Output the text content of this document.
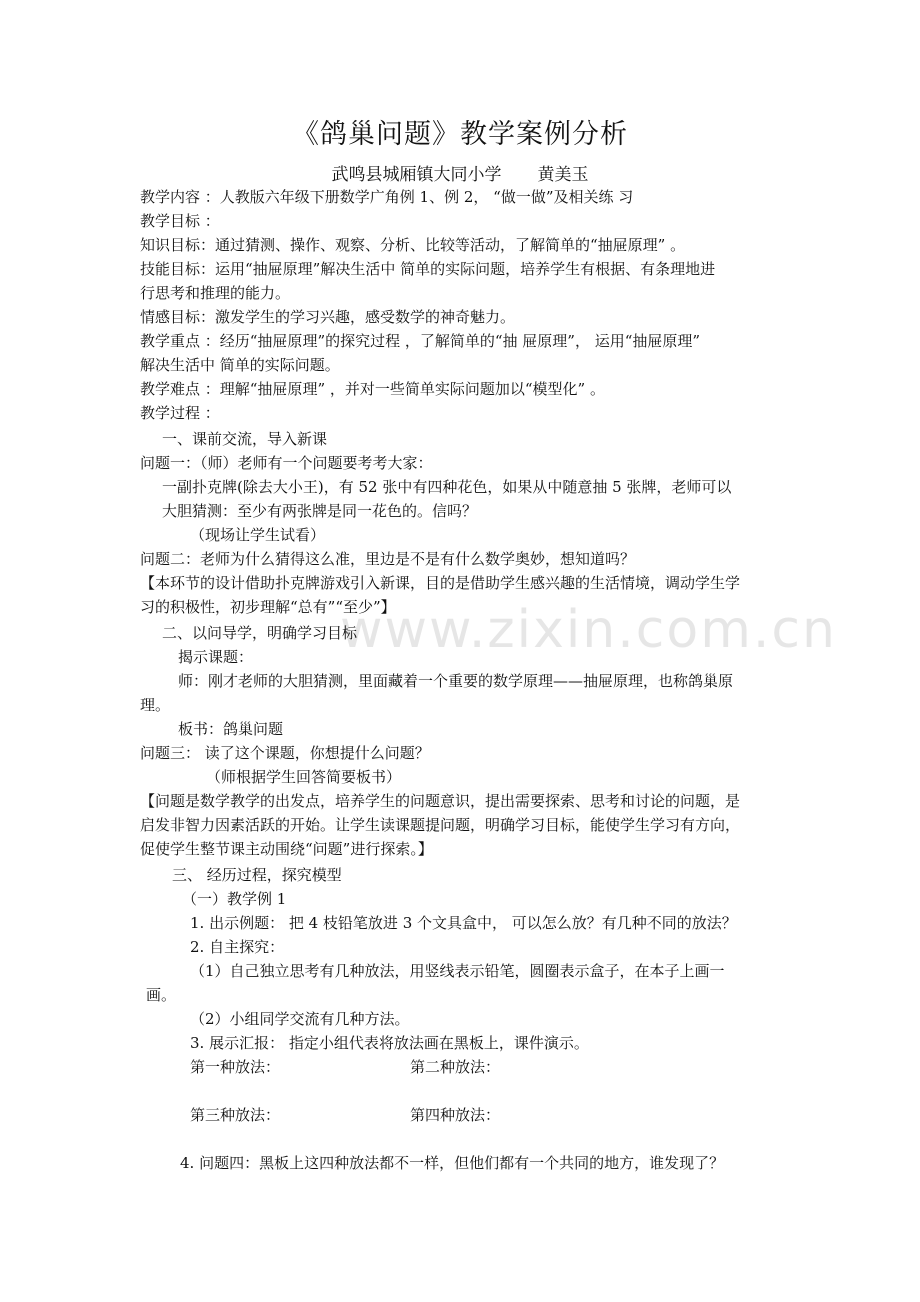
www.zixin.com.cn
《鸽巢问题》教学案例分析
武鸣县城厢镇大同小学 黄美玉
教学内容 ：人教版六年级下册数学广角例 1、例 2， “做一做”及相关练 习
教学目标 ：
知识目标：通过猜测、操作、观察、分析、比较等活动，了解简单的“抽屉原理” 。
技能目标：运用“抽屉原理”解决生活中 简单的实际问题，培养学生有根据、有条理地进
行思考和推理的能力。
情感目标：激发学生的学习兴趣，感受数学的神奇魅力。
教学重点 ：经历“抽屉原理”的探究过程 ，了解简单的“抽 屉原理”， 运用“抽屉原理”
解决生活中 简单的实际问题。
教学难点 ：理解“抽屉原理” ，并对一些简单实际问题加以“模型化” 。
教学过程 ：
一、课前交流，导入新课
问题一：（师）老师有一个问题要考考大家：
一副扑克牌(除去大小王)，有 52 张中有四种花色，如果从中随意抽 5 张牌，老师可以
大胆猜测：至少有两张牌是同一花色的。信吗？
（现场让学生试看）
问题二：老师为什么猜得这么准，里边是不是有什么数学奥妙，想知道吗？
【本环节的设计借助扑克牌游戏引入新课，目的是借助学生感兴趣的生活情境，调动学生学
习的积极性，初步理解“总有”“至少”】
二、以问导学，明确学习目标
揭示课题：
师：刚才老师的大胆猜测，里面藏着一个重要的数学原理——抽屉原理，也称鸽巢原
理。
板书：鸽巢问题
问题三： 读了这个课题，你想提什么问题？
（师根据学生回答简要板书）
【问题是数学教学的出发点，培养学生的问题意识，提出需要探索、思考和讨论的问题，是
启发非智力因素活跃的开始。让学生读课题提问题，明确学习目标，能使学生学习有方向，
促使学生整节课主动围绕“问题”进行探索。】
三、 经历过程，探究模型
（一）教学例 1
1. 出示例题： 把 4 枝铅笔放进 3 个文具盒中， 可以怎么放？有几种不同的放法？
2. 自主探究：
（1）自己独立思考有几种放法，用竖线表示铅笔，圆圈表示盒子，在本子上画一
画。
（2）小组同学交流有几种方法。
3. 展示汇报： 指定小组代表将放法画在黑板上，课件演示。
第一种放法：	第二种放法：
第三种放法：	第四种放法：
4. 问题四：黑板上这四种放法都不一样，但他们都有一个共同的地方，谁发现了？
